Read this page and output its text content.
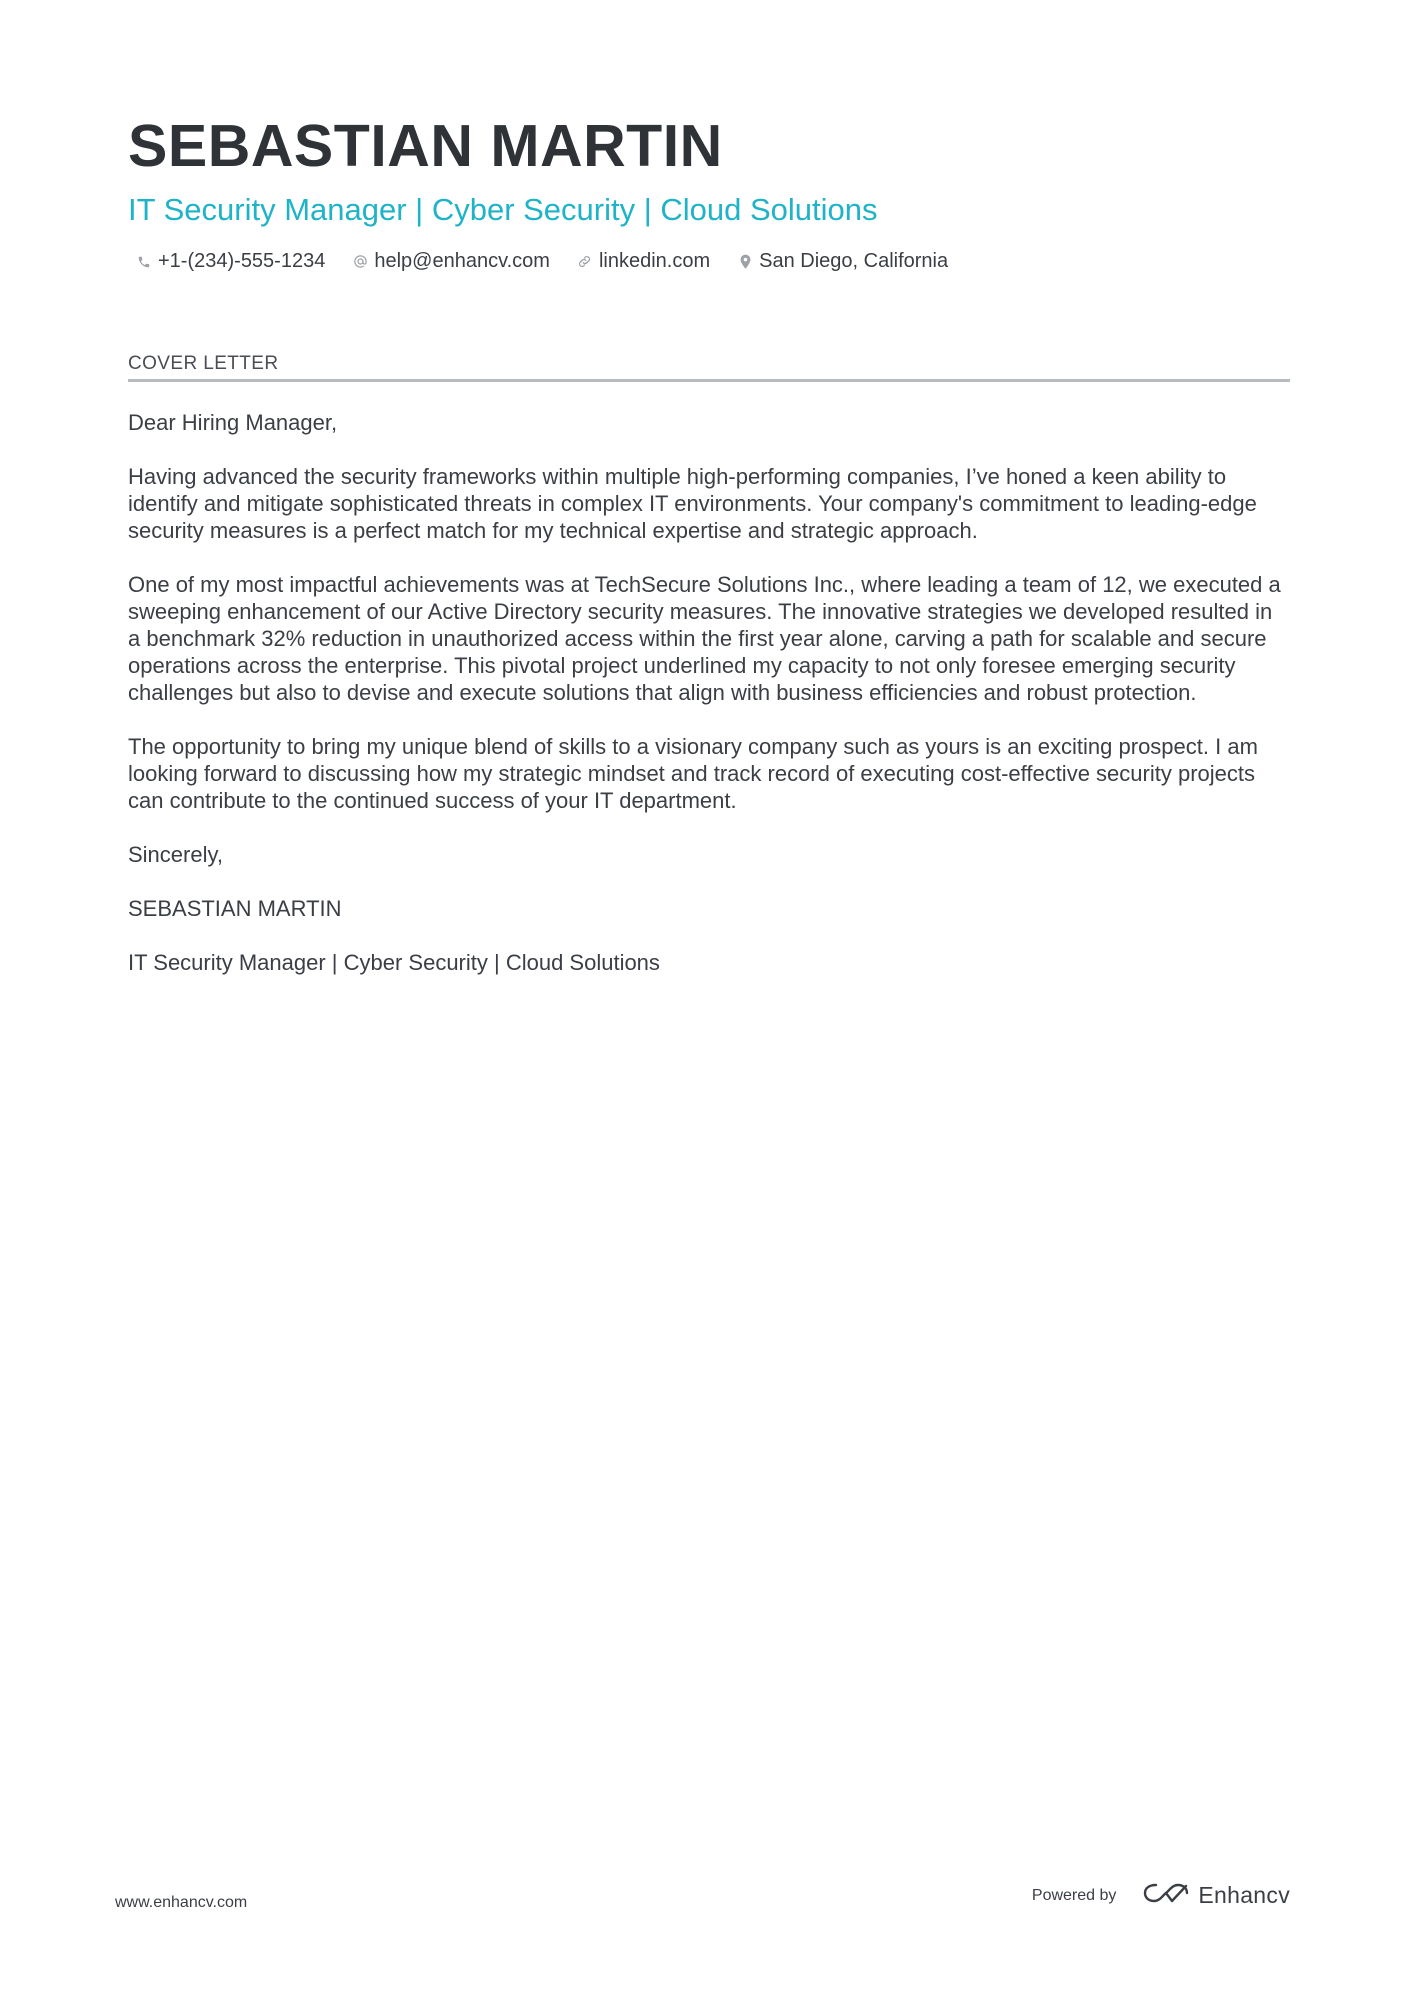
SEBASTIAN MARTIN
IT Security Manager | Cyber Security | Cloud Solutions
+1-(234)-555-1234 help@enhancv.com linkedin.com San Diego, California
COVER LETTER

Dear Hiring Manager,

Having advanced the security frameworks within multiple high-performing companies, I’ve honed a keen ability to identify and mitigate sophisticated threats in complex IT environments. Your company's commitment to leading-edge security measures is a perfect match for my technical expertise and strategic approach.

One of my most impactful achievements was at TechSecure Solutions Inc., where leading a team of 12, we executed a sweeping enhancement of our Active Directory security measures. The innovative strategies we developed resulted in a benchmark 32% reduction in unauthorized access within the first year alone, carving a path for scalable and secure operations across the enterprise. This pivotal project underlined my capacity to not only foresee emerging security challenges but also to devise and execute solutions that align with business efficiencies and robust protection.

The opportunity to bring my unique blend of skills to a visionary company such as yours is an exciting prospect. I am looking forward to discussing how my strategic mindset and track record of executing cost-effective security projects can contribute to the continued success of your IT department.

Sincerely,

SEBASTIAN MARTIN

IT Security Manager | Cyber Security | Cloud Solutions

www.enhancv.com	Powered by	Enhancv
